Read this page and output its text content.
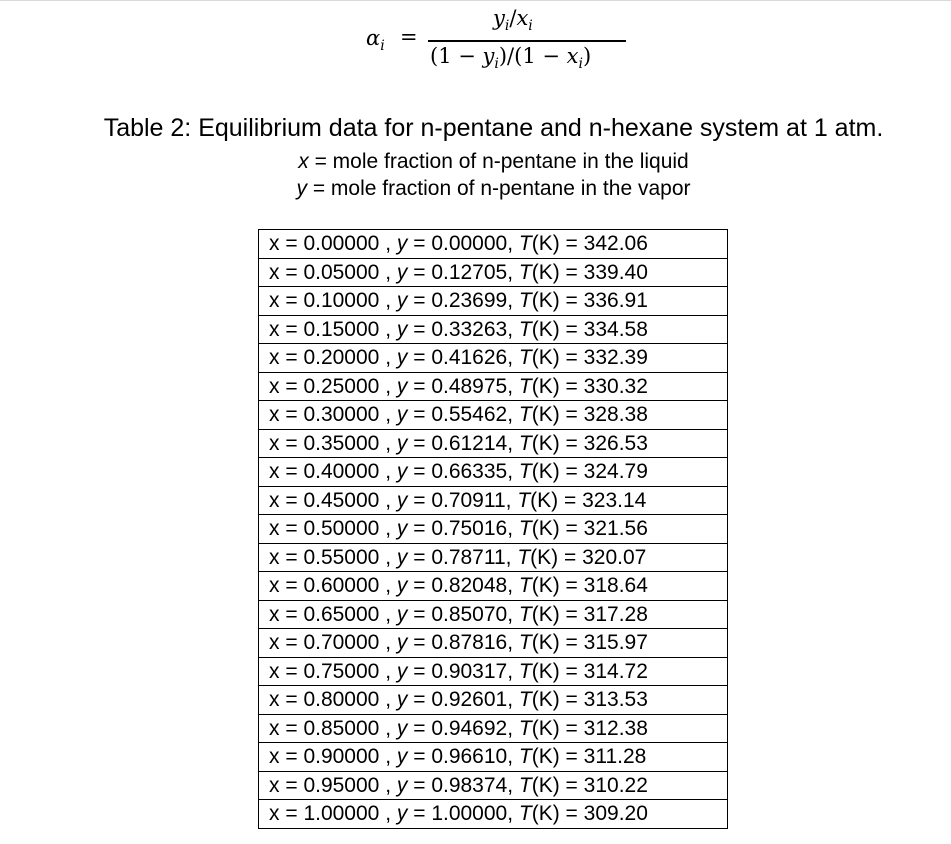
$\alpha_i$ =
$y_i/x_i$
$(1 - y_i)/(1 - x_i)$
Table 2: Equilibrium data for n-pentane and n-hexane system at 1 atm.
x = mole fraction of n-pentane in the liquid
y = mole fraction of n-pentane in the vapor
x = 0.00000 , y = 0.00000, T(K) = 342.06
x = 0.05000 , y = 0.12705, T(K) = 339.40
x = 0.10000 , y = 0.23699, T(K) = 336.91
x = 0.15000 , y = 0.33263, T(K) = 334.58
x = 0.20000 , y = 0.41626, T(K) = 332.39
x = 0.25000 , y = 0.48975, T(K) = 330.32
x = 0.30000 , y = 0.55462, T(K) = 328.38
x = 0.35000 , y = 0.61214, T(K) = 326.53
x = 0.40000 , y = 0.66335, T(K) = 324.79
x = 0.45000 , y = 0.70911, T(K) = 323.14
x = 0.50000 , y = 0.75016, T(K) = 321.56
x = 0.55000 , y = 0.78711, T(K) = 320.07
x = 0.60000 , y = 0.82048, T(K) = 318.64
x = 0.65000 , y = 0.85070, T(K) = 317.28
x = 0.70000 , y = 0.87816, T(K) = 315.97
x = 0.75000 , y = 0.90317, T(K) = 314.72
x = 0.80000 , y = 0.92601, T(K) = 313.53
x = 0.85000 , y = 0.94692, T(K) = 312.38
x = 0.90000 , y = 0.96610, T(K) = 311.28
x = 0.95000 , y = 0.98374, T(K) = 310.22
x = 1.00000 , y = 1.00000, T(K) = 309.20
